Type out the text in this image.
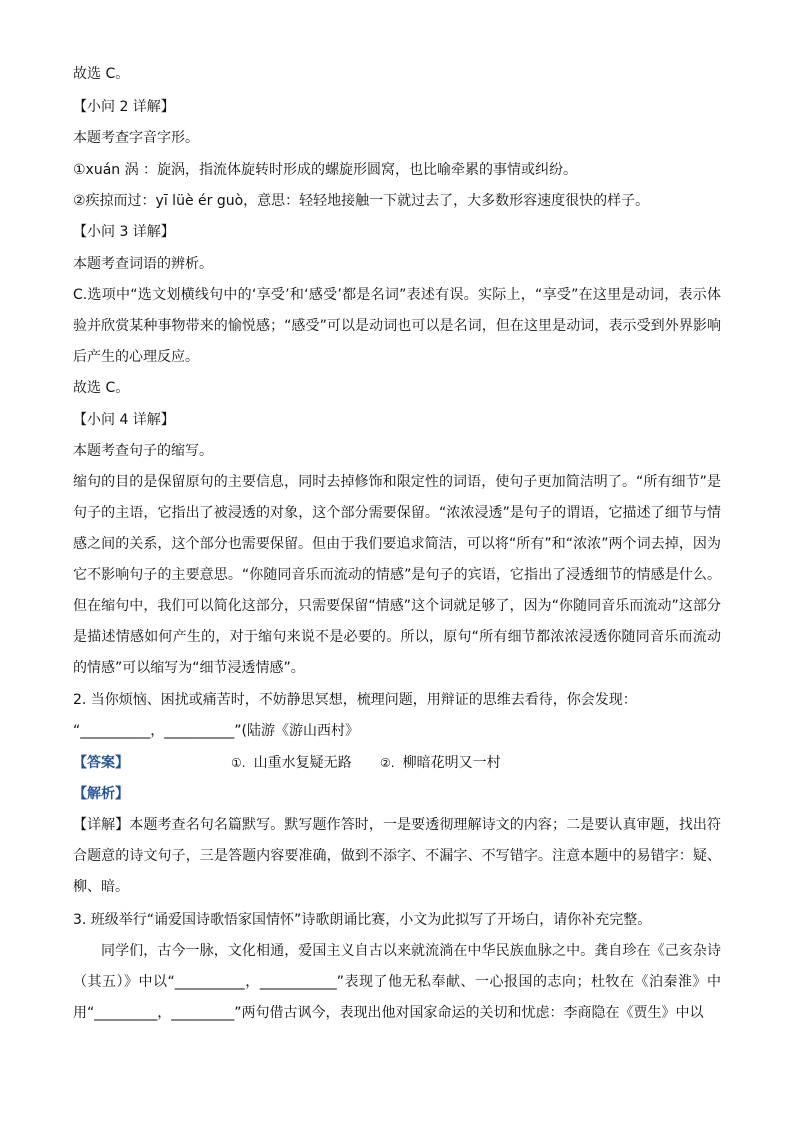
故选 C。
【小问 2 详解】
本题考查字音字形。
①xuán 涡 ：旋涡，指流体旋转时形成的螺旋形圆窝，也比喻牵累的事情或纠纷。
②疾掠而过：yī lüè ér guò，意思：轻轻地接触一下就过去了，大多数形容速度很快的样子。
【小问 3 详解】
本题考查词语的辨析。
C.选项中“选文划横线句中的‘享受’和‘感受’都是名词”表述有误。实际上，“享受”在这里是动词，表示体验并欣赏某种事物带来的愉悦感；“感受”可以是动词也可以是名词，但在这里是动词，表示受到外界影响后产生的心理反应。
故选 C。
【小问 4 详解】
本题考查句子的缩写。
缩句的目的是保留原句的主要信息，同时去掉修饰和限定性的词语，使句子更加简洁明了。“所有细节”是句子的主语，它指出了被浸透的对象，这个部分需要保留。“浓浓浸透”是句子的谓语，它描述了细节与情感之间的关系，这个部分也需要保留。但由于我们要追求简洁，可以将“所有”和“浓浓”两个词去掉，因为它不影响句子的主要意思。“你随同音乐而流动的情感”是句子的宾语，它指出了浸透细节的情感是什么。但在缩句中，我们可以简化这部分，只需要保留“情感”这个词就足够了，因为“你随同音乐而流动”这部分是描述情感如何产生的，对于缩句来说不是必要的。所以，原句“所有细节都浓浓浸透你随同音乐而流动的情感”可以缩写为“细节浸透情感”。
2. 当你烦恼、困扰或痛苦时，不妨静思冥想，梳理问题，用辩证的思维去看待，你会发现：
“__________，__________”(陆游《游山西村》
【答案】	①. 山重水复疑无路 ②. 柳暗花明又一村
【解析】
【详解】本题考查名句名篇默写。默写题作答时，一是要透彻理解诗文的内容；二是要认真审题，找出符合题意的诗文句子，三是答题内容要准确，做到不添字、不漏字、不写错字。注意本题中的易错字：疑、柳、暗。
3. 班级举行“诵爱国诗歌悟家国情怀”诗歌朗诵比赛，小文为此拟写了开场白，请你补充完整。
同学们，古今一脉，文化相通，爱国主义自古以来就流淌在中华民族血脉之中。龚自珍在《己亥杂诗（其五）》中以“__________，___________”表现了他无私奉献、一心报国的志向；杜牧在《泊秦淮》中用“_________，_________”两句借古讽今，表现出他对国家命运的关切和忧虑：李商隐在《贾生》中以
